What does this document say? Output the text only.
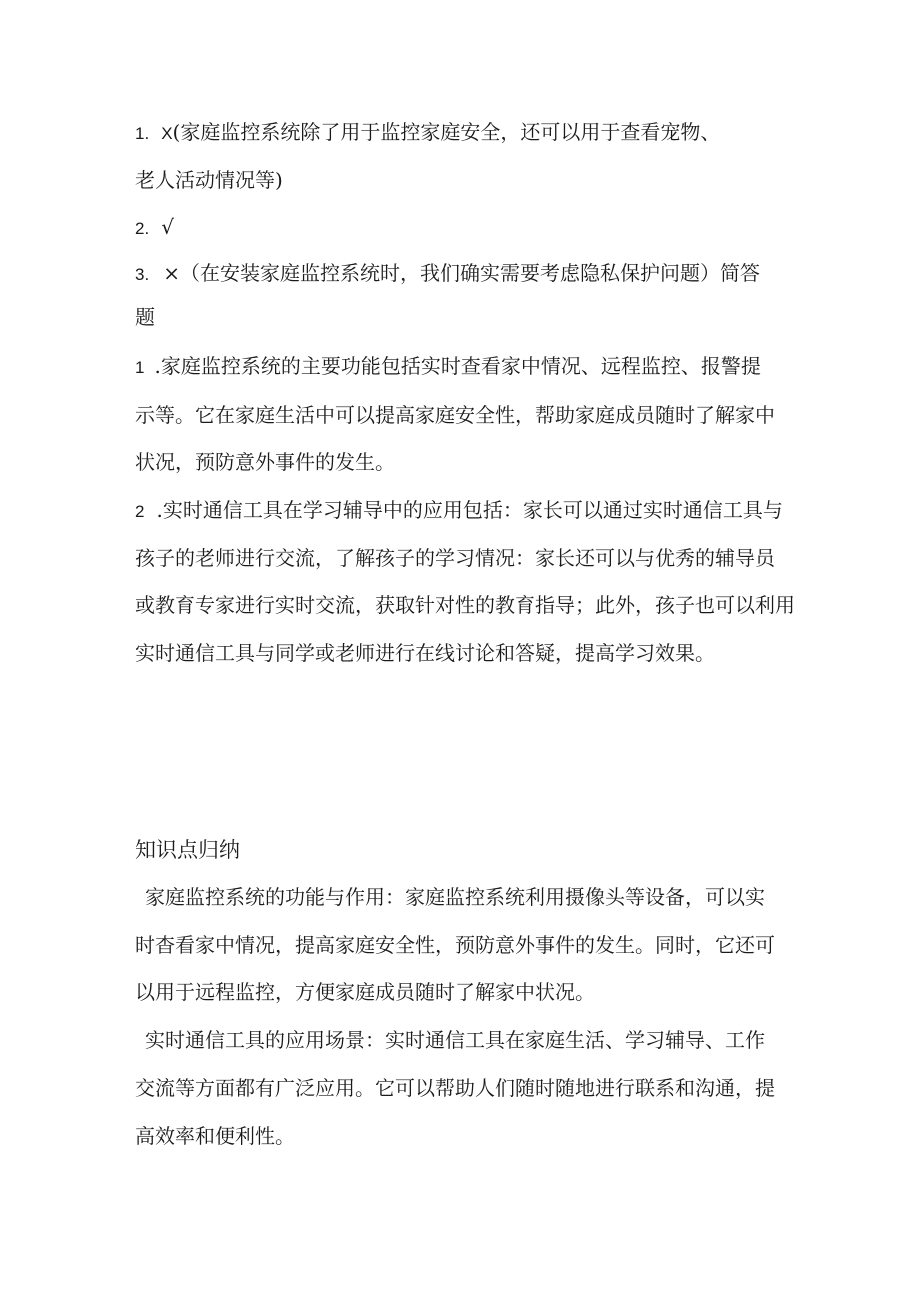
1. X(家庭监控系统除了用于监控家庭安全，还可以用于查看宠物、
老人活动情况等)
2. √
3. ×（在安装家庭监控系统时，我们确实需要考虑隐私保护问题）简答
题
1 .家庭监控系统的主要功能包括实时查看家中情况、远程监控、报警提
示等。它在家庭生活中可以提高家庭安全性，帮助家庭成员随时了解家中
状况，预防意外事件的发生。
2 .实时通信工具在学习辅导中的应用包括：家长可以通过实时通信工具与
孩子的老师进行交流，了解孩子的学习情况：家长还可以与优秀的辅导员
或教育专家进行实时交流，获取针对性的教育指导；此外，孩子也可以利用
实时通信工具与同学或老师进行在线讨论和答疑，提高学习效果。
知识点归纳
家庭监控系统的功能与作用：家庭监控系统利用摄像头等设备，可以实
时杳看家中情况，提高家庭安全性，预防意外事件的发生。同时，它还可
以用于远程监控，方便家庭成员随时了解家中状况。
实时通信工具的应用场景：实时通信工具在家庭生活、学习辅导、工作
交流等方面都有广泛应用。它可以帮助人们随时随地进行联系和沟通，提
高效率和便利性。
